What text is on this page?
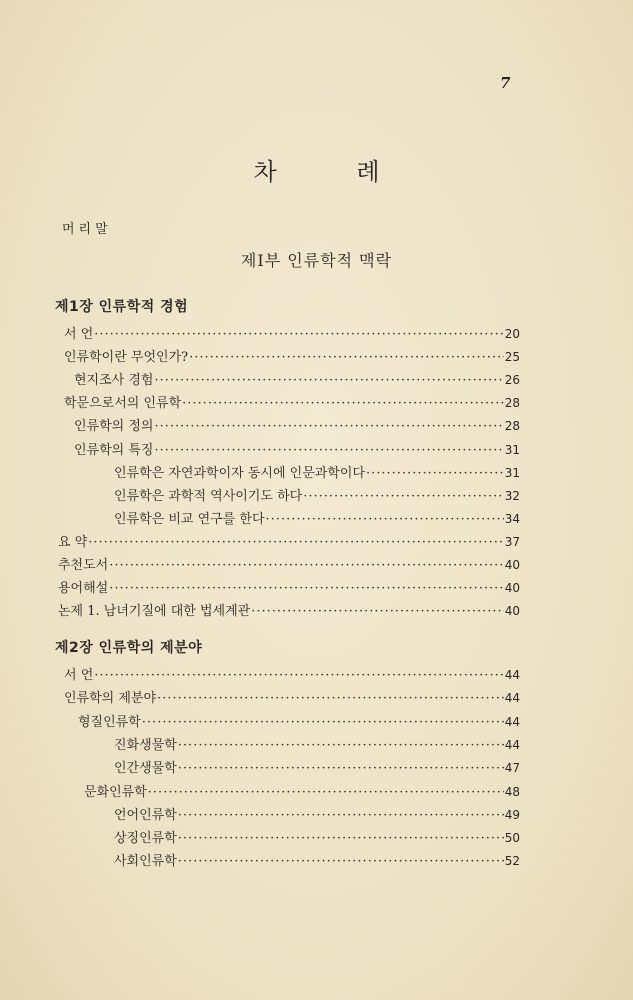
7
차 례
머리말
제Ⅰ부 인류학적 맥락
제1장 인류학적 경험
제2장 인류학의 제분야
서 언 ·····	20
인류학이란 무엇인가? ·····	25
현지조사 경험 ·····	26
학문으로서의 인류학 ·····	28
인류학의 정의 ·····	28
인류학의 특징 ·····	31
인류학은 자연과학이자 동시에 인문과학이다 ·····	31
인류학은 과학적 역사이기도 하다 ·····	32
인류학은 비교 연구를 한다 ·····	34
요 약 ·····	37
추천도서 ·····	40
용어해설 ·····	40
논제 1. 남녀기질에 대한 법세계관 ·····	40
서 언 ·····	44
인류학의 제분야 ·····	44
형질인류학 ·····	44
진화생물학 ·····	44
인간생물학 ·····	47
문화인류학 ·····	48
언어인류학 ·····	49
상징인류학 ·····	50
사회인류학 ·····	52
